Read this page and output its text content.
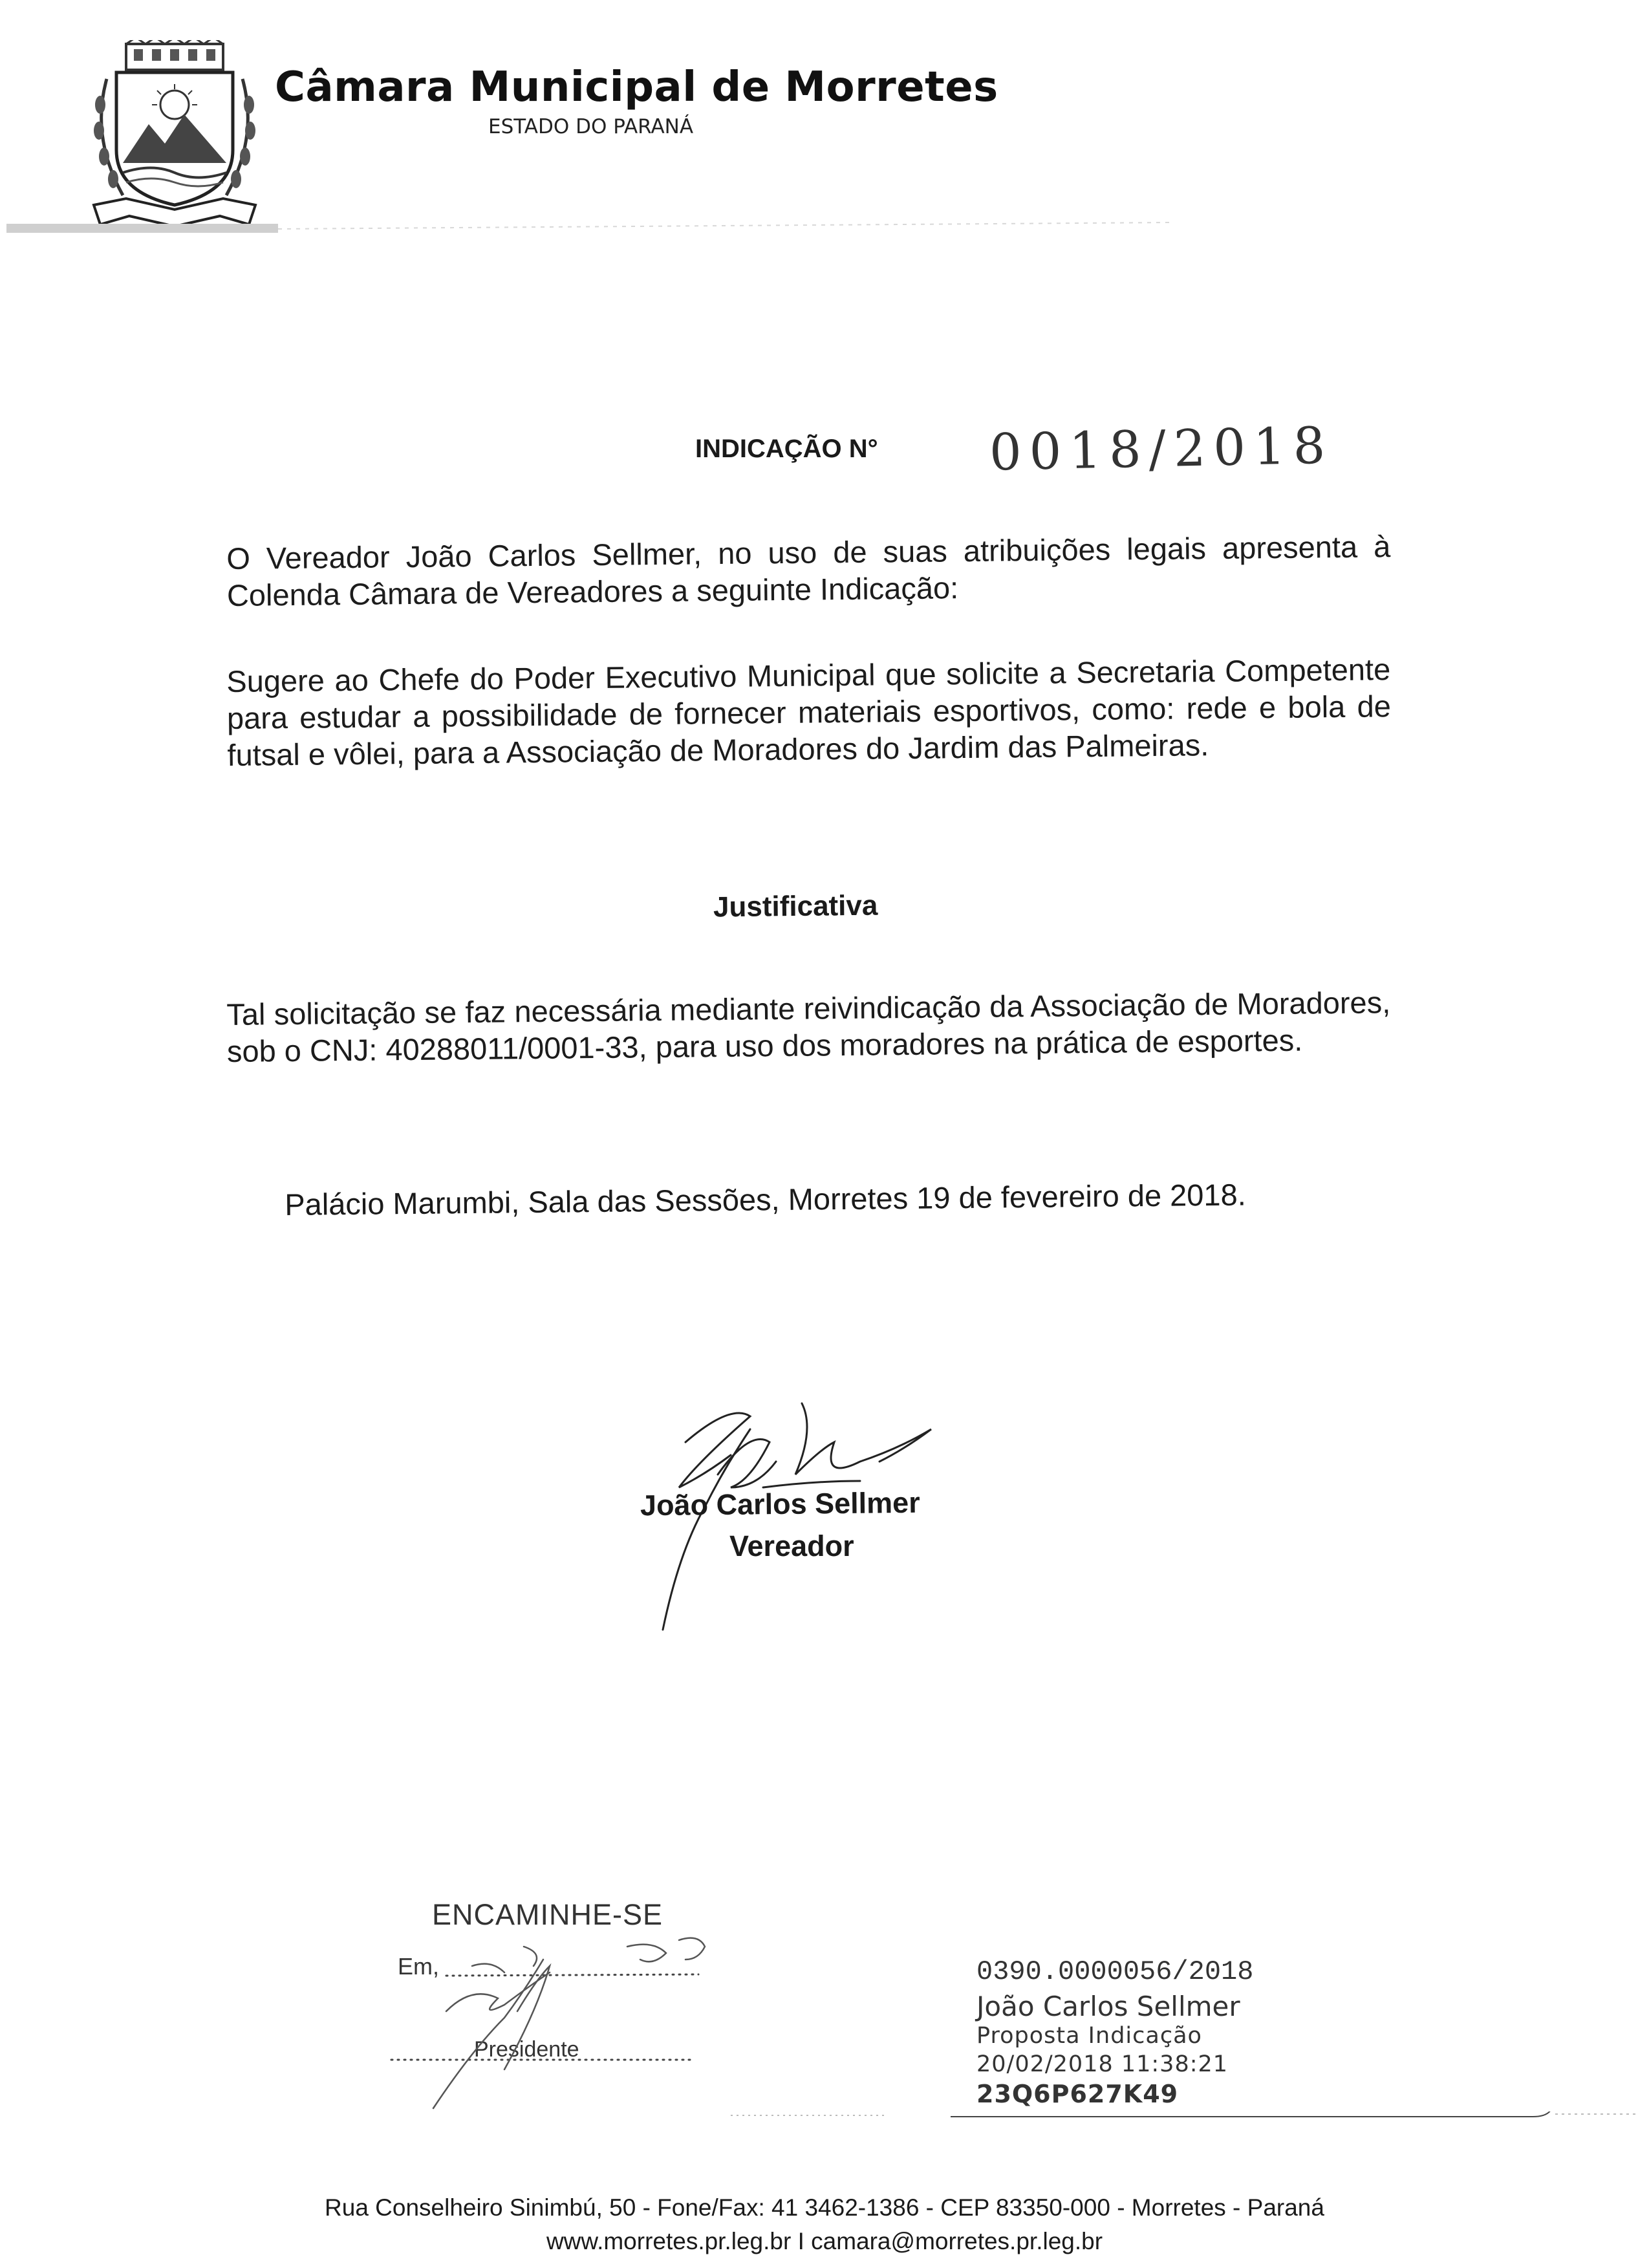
Câmara Municipal de Morretes
ESTADO DO PARANÁ
INDICAÇÃO N° 0018/2018
O Vereador João Carlos Sellmer, no uso de suas atribuições legais apresenta à Colenda Câmara de Vereadores a seguinte Indicação:
Sugere ao Chefe do Poder Executivo Municipal que solicite a Secretaria Competente para estudar a possibilidade de fornecer materiais esportivos, como: rede e bola de futsal e vôlei, para a Associação de Moradores do Jardim das Palmeiras.
Justificativa
Tal solicitação se faz necessária mediante reivindicação da Associação de Moradores, sob o CNJ: 40288011/0001-33, para uso dos moradores na prática de esportes.
Palácio Marumbi, Sala das Sessões, Morretes 19 de fevereiro de 2018.
João Carlos Sellmer
Vereador
ENCAMINHE-SE
Em,
Presidente
0390.0000056/2018
João Carlos Sellmer
Proposta Indicação
20/02/2018 11:38:21
23Q6P627K49
Rua Conselheiro Sinimbú, 50 - Fone/Fax: 41 3462-1386 - CEP 83350-000 - Morretes - Paraná
www.morretes.pr.leg.br I camara@morretes.pr.leg.br
